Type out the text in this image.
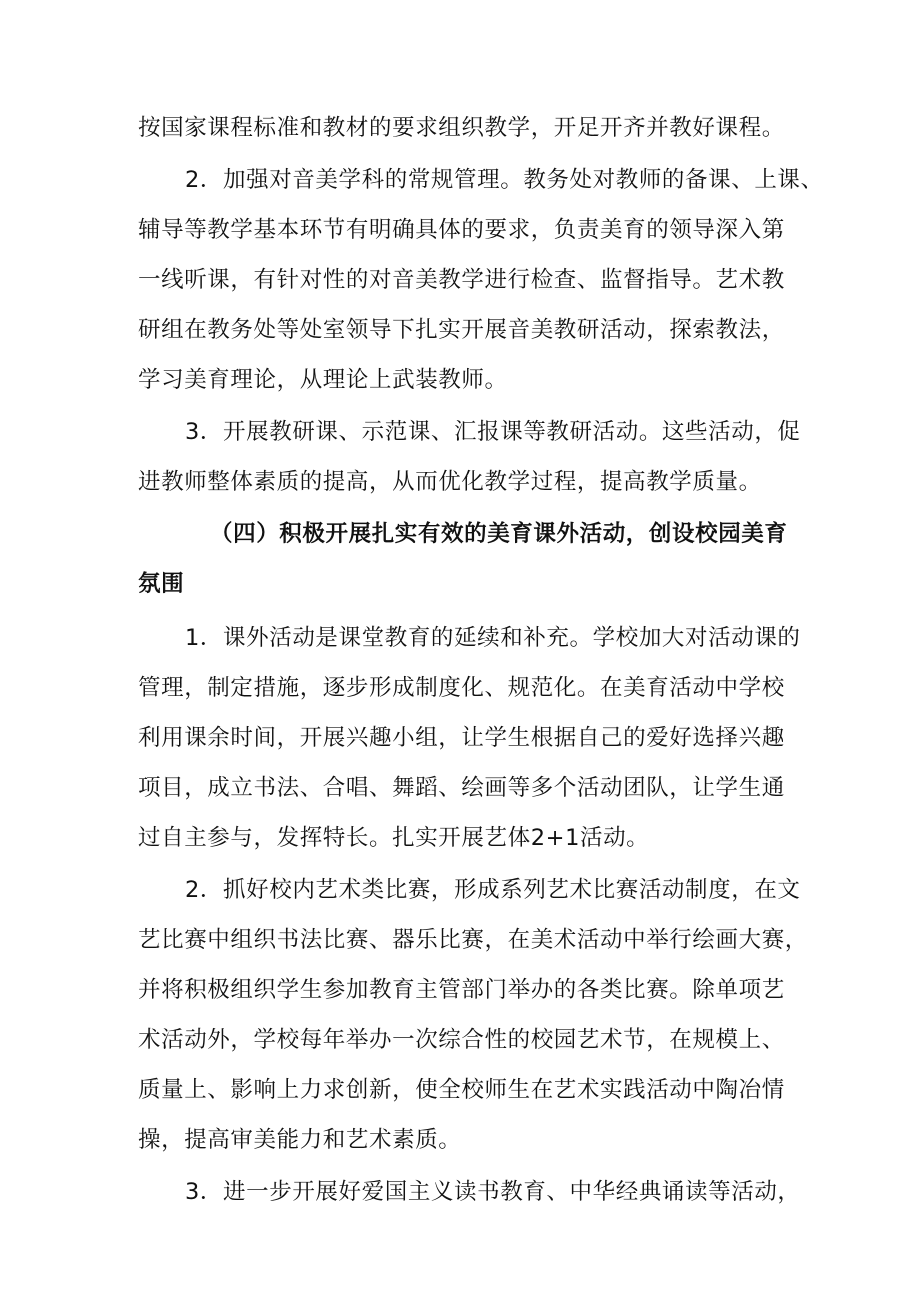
按国家课程标准和教材的要求组织教学，开足开齐并教好课程。
2．加强对音美学科的常规管理。教务处对教师的备课、上课、
辅导等教学基本环节有明确具体的要求，负责美育的领导深入第
一线听课，有针对性的对音美教学进行检查、监督指导。艺术教
研组在教务处等处室领导下扎实开展音美教研活动，探索教法，
学习美育理论，从理论上武装教师。
3．开展教研课、示范课、汇报课等教研活动。这些活动，促
进教师整体素质的提高，从而优化教学过程，提高教学质量。
（四）积极开展扎实有效的美育课外活动，创设校园美育
氛围
1．课外活动是课堂教育的延续和补充。学校加大对活动课的
管理，制定措施，逐步形成制度化、规范化。在美育活动中学校
利用课余时间，开展兴趣小组，让学生根据自己的爱好选择兴趣
项目，成立书法、合唱、舞蹈、绘画等多个活动团队，让学生通
过自主参与，发挥特长。扎实开展艺体2+1活动。
2．抓好校内艺术类比赛，形成系列艺术比赛活动制度，在文
艺比赛中组织书法比赛、器乐比赛，在美术活动中举行绘画大赛，
并将积极组织学生参加教育主管部门举办的各类比赛。除单项艺
术活动外，学校每年举办一次综合性的校园艺术节，在规模上、
质量上、影响上力求创新，使全校师生在艺术实践活动中陶冶情
操，提高审美能力和艺术素质。
3．进一步开展好爱国主义读书教育、中华经典诵读等活动，
